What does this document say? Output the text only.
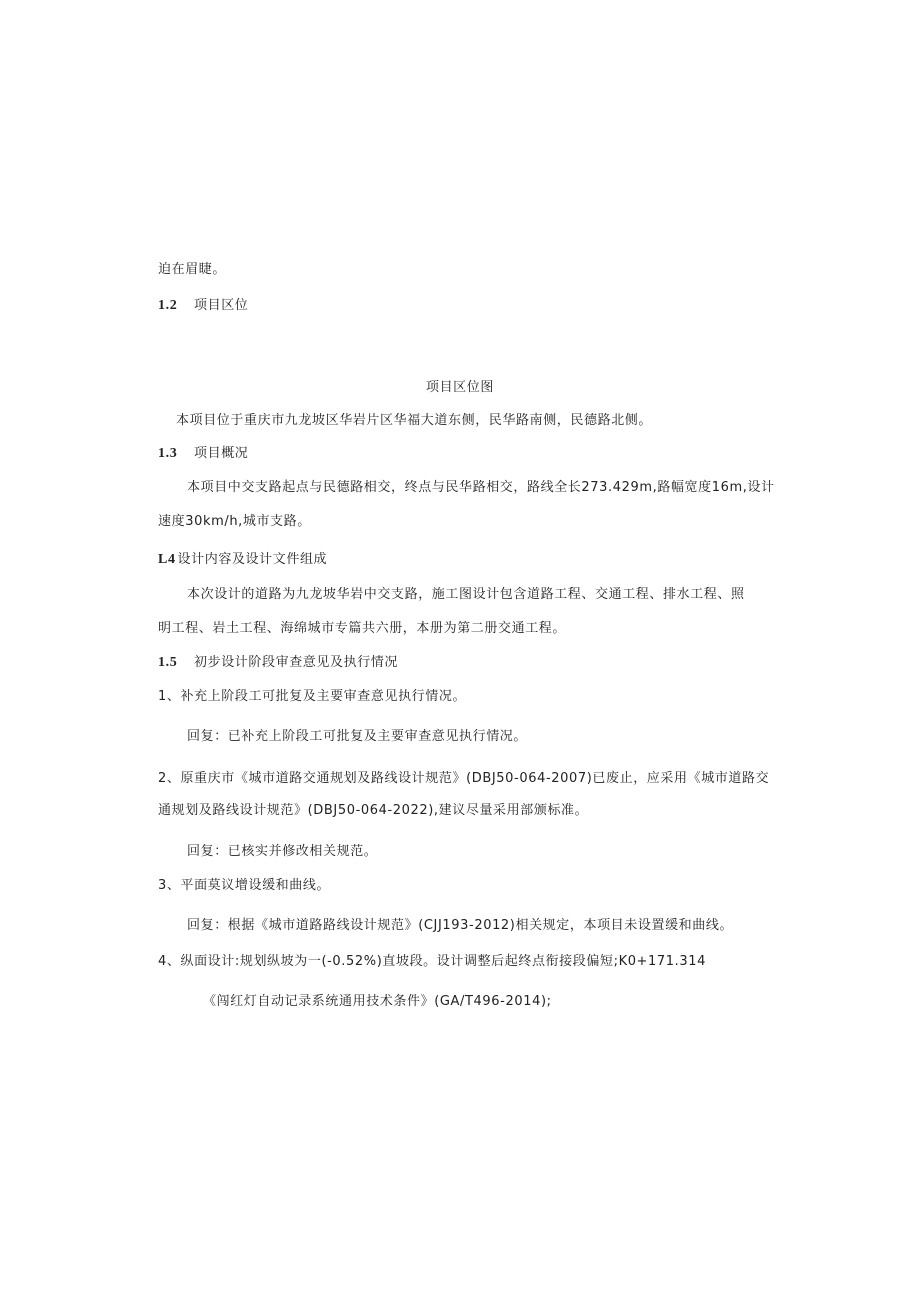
迫在眉睫。
1.2 项目区位
项目区位图
本项目位于重庆市九龙坡区华岩片区华福大道东侧，民华路南侧，民德路北侧。
1.3 项目概况
本项目中交支路起点与民德路相交，终点与民华路相交，路线全长273.429m,路幅宽度16m,设计
速度30km/h,城市支路。
L4 设计内容及设计文件组成
本次设计的道路为九龙坡华岩中交支路，施工图设计包含道路工程、交通工程、排水工程、照
明工程、岩土工程、海绵城市专篇共六册，本册为第二册交通工程。
1.5 初步设计阶段审查意见及执行情况
1、补充上阶段工可批复及主要审查意见执行情况。
回复：已补充上阶段工可批复及主要审查意见执行情况。
2、原重庆市《城市道路交通规划及路线设计规范》(DBJ50-064-2007)已废止，应采用《城市道路交
通规划及路线设计规范》(DBJ50-064-2022),建议尽量采用部颁标准。
回复：已核实并修改相关规范。
3、平面莫议增设缓和曲线。
回复：根据《城市道路路线设计规范》(CJJ193-2012)相关规定，本项目未设置缓和曲线。
4、纵面设计:规划纵坡为一(-0.52%)直坡段。设计调整后起终点衔接段偏短;K0+171.314
《闯红灯自动记录系统通用技术条件》(GA/T496-2014);
